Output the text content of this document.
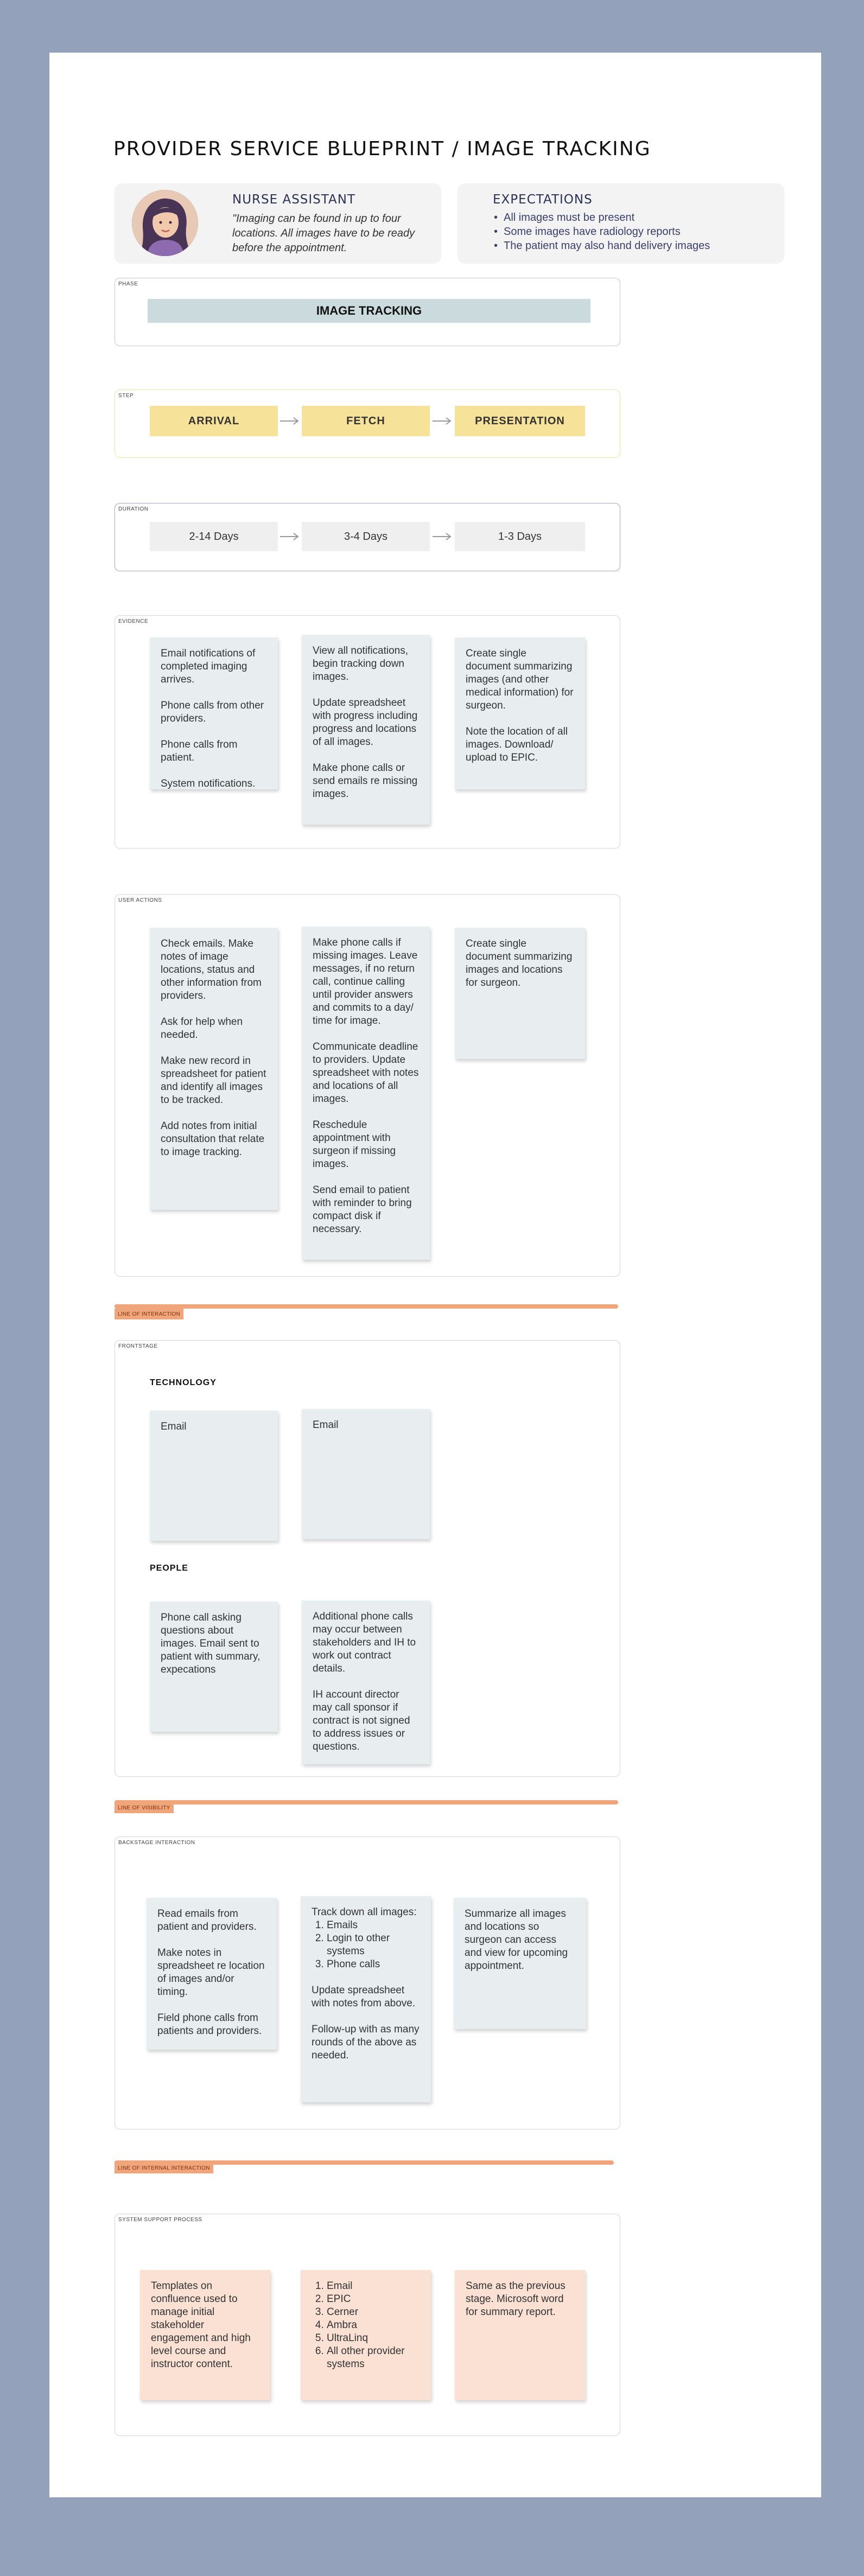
PROVIDER SERVICE BLUEPRINT / IMAGE TRACKING
NURSE ASSISTANT
"Imaging can be found in up to four locations. All images have to be ready before the appointment.
EXPECTATIONS
• All images must be present
• Some images have radiology reports
• The patient may also hand delivery images
PHASE
IMAGE TRACKING
STEP
ARRIVAL	FETCH	PRESENTATION
DURATION
2-14 Days	3-4 Days	1-3 Days
EVIDENCE

Email notifications of completed imaging arrives.

Phone calls from other providers.

Phone calls from patient.

System notifications.

View all notifications, begin tracking down images.

Update spreadsheet with progress including progress and locations of all images.

Make phone calls or send emails re missing images.

Create single document summarizing images (and other medical information) for surgeon.

Note the location of all images. Download/ upload to EPIC.

USER ACTIONS

Check emails. Make notes of image locations, status and other information from providers.

Ask for help when needed.

Make new record in spreadsheet for patient and identify all images to be tracked.

Add notes from initial consultation that relate to image tracking.

Make phone calls if missing images. Leave messages, if no return call, continue calling until provider answers and commits to a day/ time for image.

Communicate deadline to providers. Update spreadsheet with notes and locations of all images.

Reschedule appointment with surgeon if missing images.

Send email to patient with reminder to bring compact disk if necessary.

Create single document summarizing images and locations for surgeon.

LINE OF INTERACTION
FRONTSTAGE
TECHNOLOGY

Email	Email

PEOPLE

Phone call asking questions about images. Email sent to patient with summary, expecations

Additional phone calls may occur between stakeholders and IH to work out contract details.

IH account director may call sponsor if contract is not signed to address issues or questions.

LINE OF VISIBILITY
BACKSTAGE INTERACTION

Read emails from patient and providers.

Make notes in spreadsheet re location of images and/or timing.

Field phone calls from patients and providers.

Track down all images:

1. Emails
2. Login to other systems
3. Phone calls

Update spreadsheet with notes from above.

Follow-up with as many rounds of the above as needed.

Summarize all images and locations so surgeon can access and view for upcoming appointment.

LINE OF INTERNAL INTERACTION
SYSTEM SUPPORT PROCESS

Templates on confluence used to manage initial stakeholder engagement and high level course and instructor content.

1. Email
2. EPIC
3. Cerner
4. Ambra
5. UltraLinq
6. All other provider systems

Same as the previous stage. Microsoft word for summary report.
